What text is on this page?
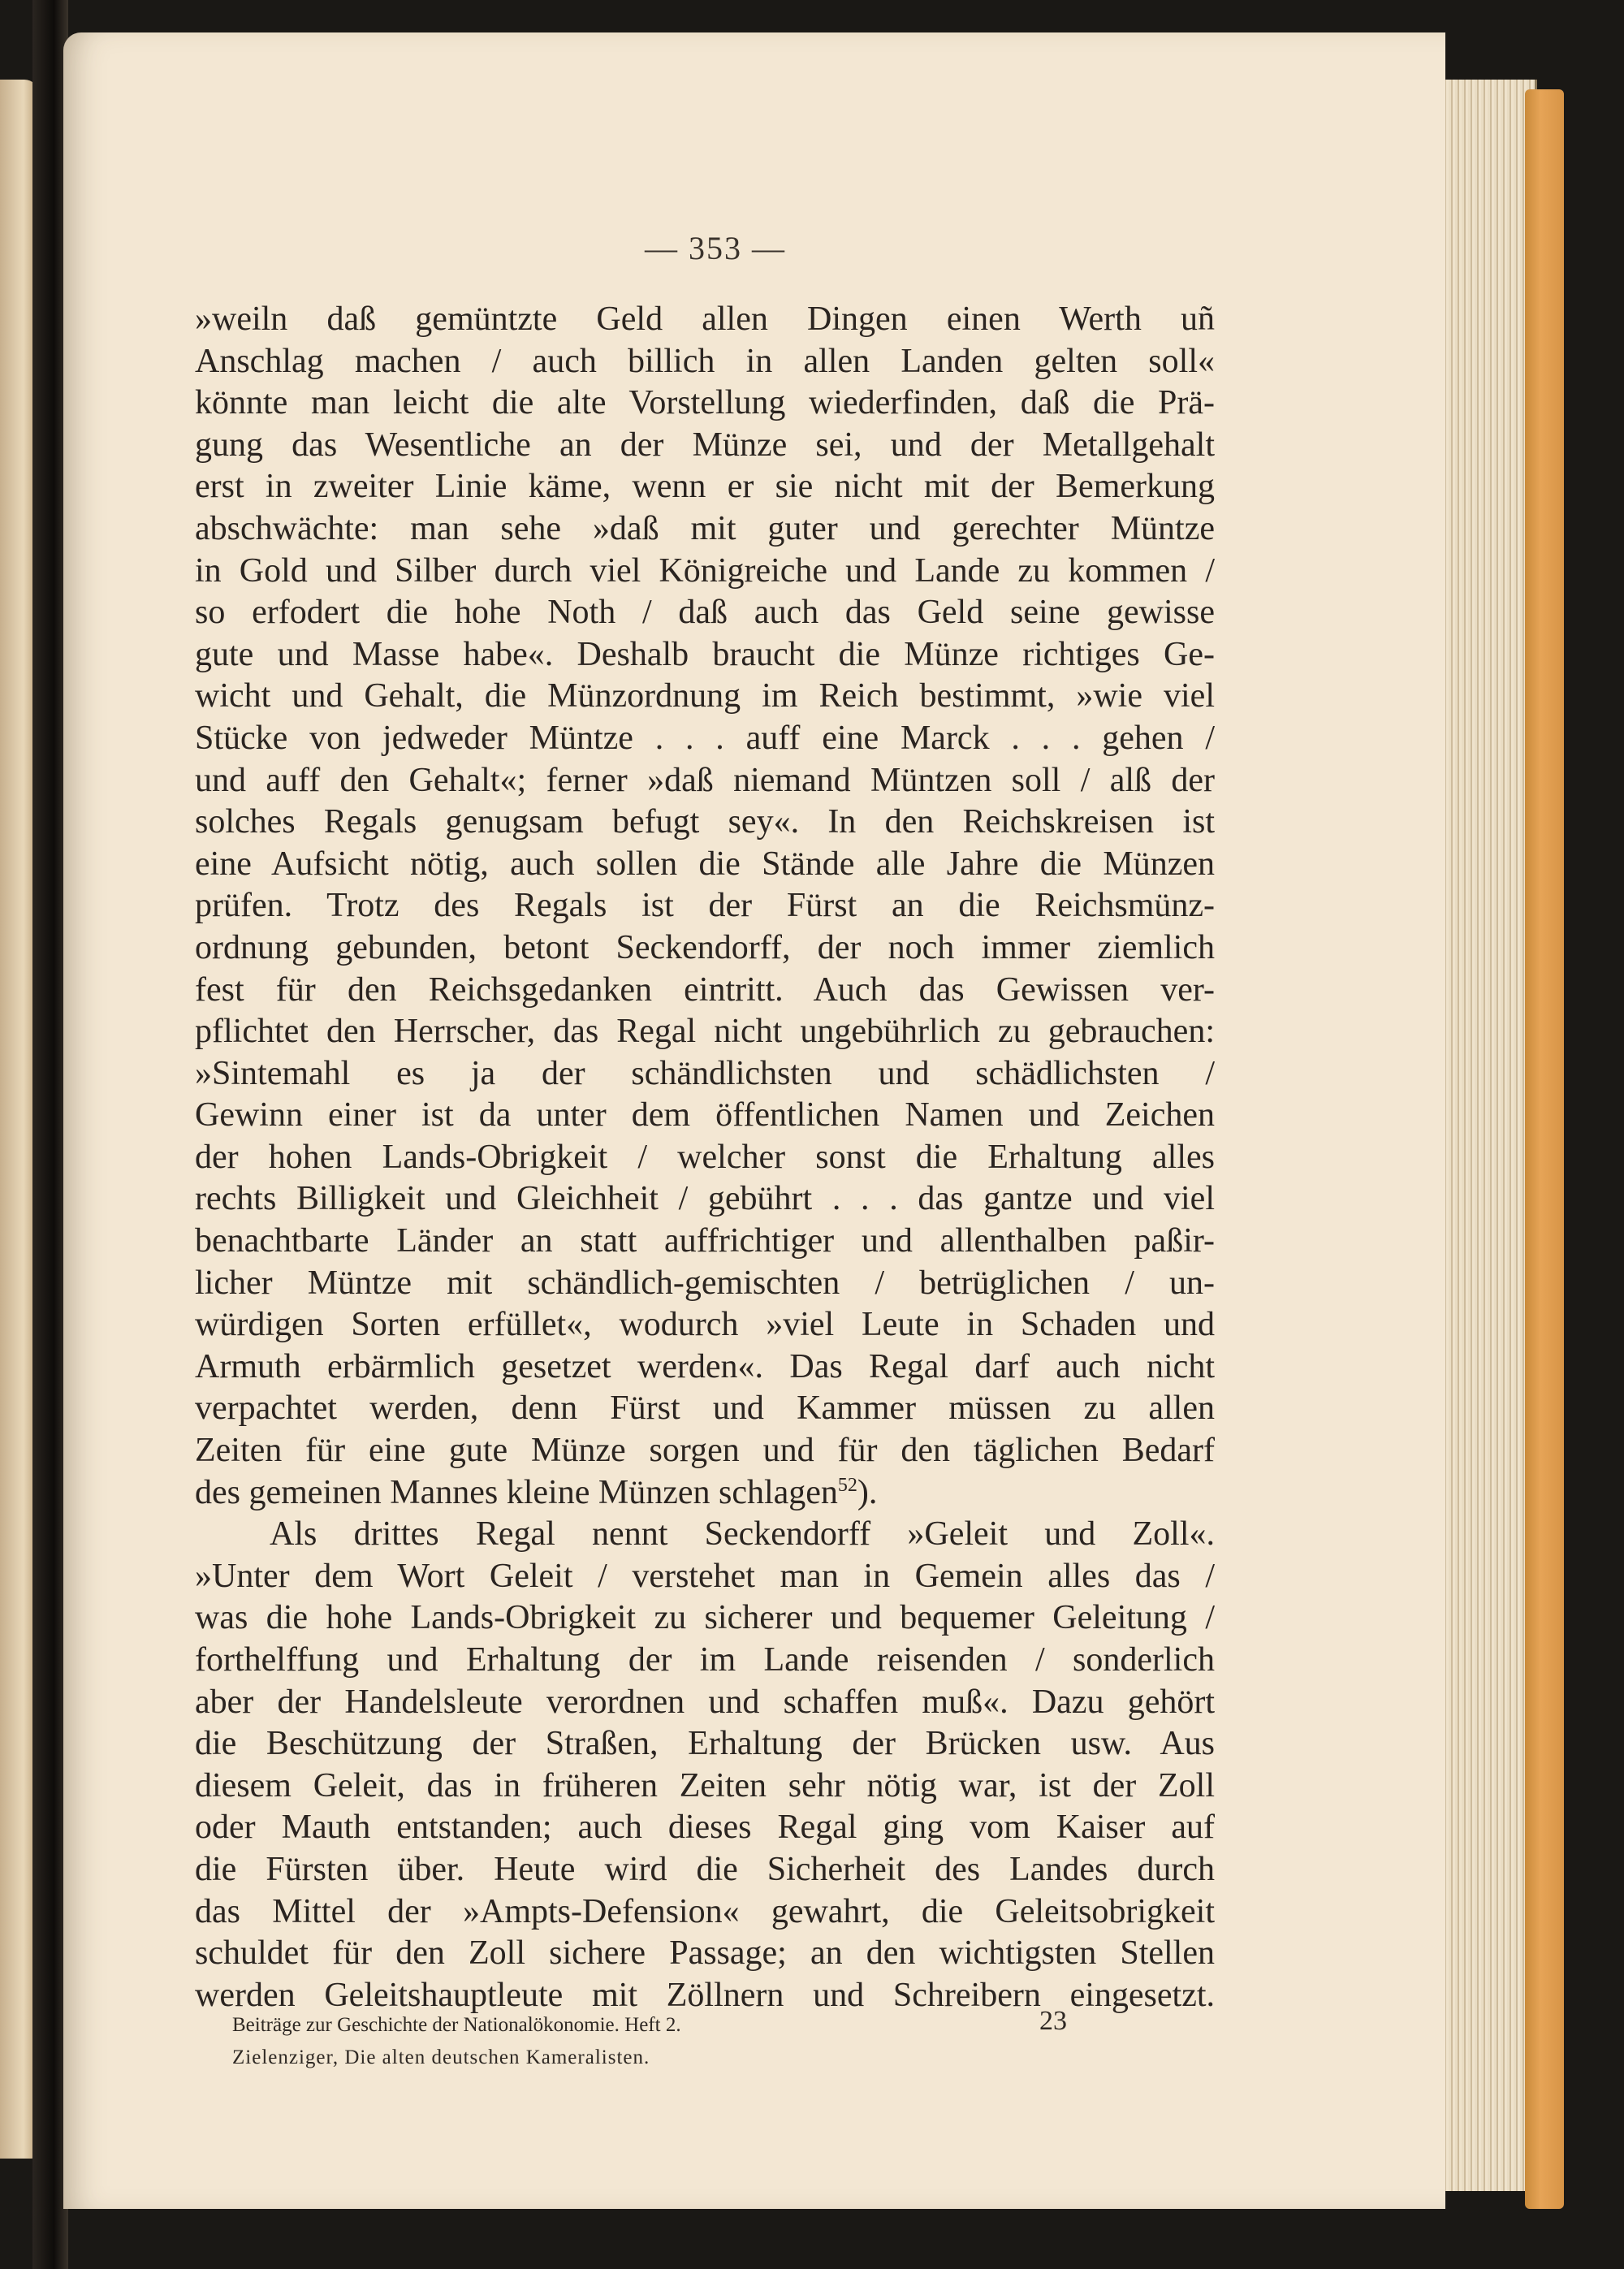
— 353 —
»weiln daß gemüntzte Geld allen Dingen einen Werth uñ
Anschlag machen / auch billich in allen Landen gelten soll«
könnte man leicht die alte Vorstellung wiederfinden, daß die Prä-
gung das Wesentliche an der Münze sei, und der Metallgehalt
erst in zweiter Linie käme, wenn er sie nicht mit der Bemerkung
abschwächte: man sehe »daß mit guter und gerechter Müntze
in Gold und Silber durch viel Königreiche und Lande zu kommen /
so erfodert die hohe Noth / daß auch das Geld seine gewisse
gute und Masse habe«. Deshalb braucht die Münze richtiges Ge-
wicht und Gehalt, die Münzordnung im Reich bestimmt, »wie viel
Stücke von jedweder Müntze . . . auff eine Marck . . . gehen /
und auff den Gehalt«; ferner »daß niemand Müntzen soll / alß der
solches Regals genugsam befugt sey«. In den Reichskreisen ist
eine Aufsicht nötig, auch sollen die Stände alle Jahre die Münzen
prüfen. Trotz des Regals ist der Fürst an die Reichsmünz-
ordnung gebunden, betont Seckendorff, der noch immer ziemlich
fest für den Reichsgedanken eintritt. Auch das Gewissen ver-
pflichtet den Herrscher, das Regal nicht ungebührlich zu gebrauchen:
»Sintemahl es ja der schändlichsten und schädlichsten /
Gewinn einer ist da unter dem öffentlichen Namen und Zeichen
der hohen Lands-Obrigkeit / welcher sonst die Erhaltung alles
rechts Billigkeit und Gleichheit / gebührt . . . das gantze und viel
benachtbarte Länder an statt auffrichtiger und allenthalben paßir-
licher Müntze mit schändlich-gemischten / betrüglichen / un-
würdigen Sorten erfüllet«, wodurch »viel Leute in Schaden und
Armuth erbärmlich gesetzet werden«. Das Regal darf auch nicht
verpachtet werden, denn Fürst und Kammer müssen zu allen
Zeiten für eine gute Münze sorgen und für den täglichen Bedarf
des gemeinen Mannes kleine Münzen schlagen$^{52}$).
Als drittes Regal nennt Seckendorff »Geleit und Zoll«.
»Unter dem Wort Geleit / verstehet man in Gemein alles das /
was die hohe Lands-Obrigkeit zu sicherer und bequemer Geleitung /
forthelffung und Erhaltung der im Lande reisenden / sonderlich
aber der Handelsleute verordnen und schaffen muß«. Dazu gehört
die Beschützung der Straßen, Erhaltung der Brücken usw. Aus
diesem Geleit, das in früheren Zeiten sehr nötig war, ist der Zoll
oder Mauth entstanden; auch dieses Regal ging vom Kaiser auf
die Fürsten über. Heute wird die Sicherheit des Landes durch
das Mittel der »Ampts-Defension« gewahrt, die Geleitsobrigkeit
schuldet für den Zoll sichere Passage; an den wichtigsten Stellen
werden Geleitshauptleute mit Zöllnern und Schreibern eingesetzt.
Beiträge zur Geschichte der Nationalökonomie. Heft 2.
Zielenziger, Die alten deutschen Kameralisten.
23
